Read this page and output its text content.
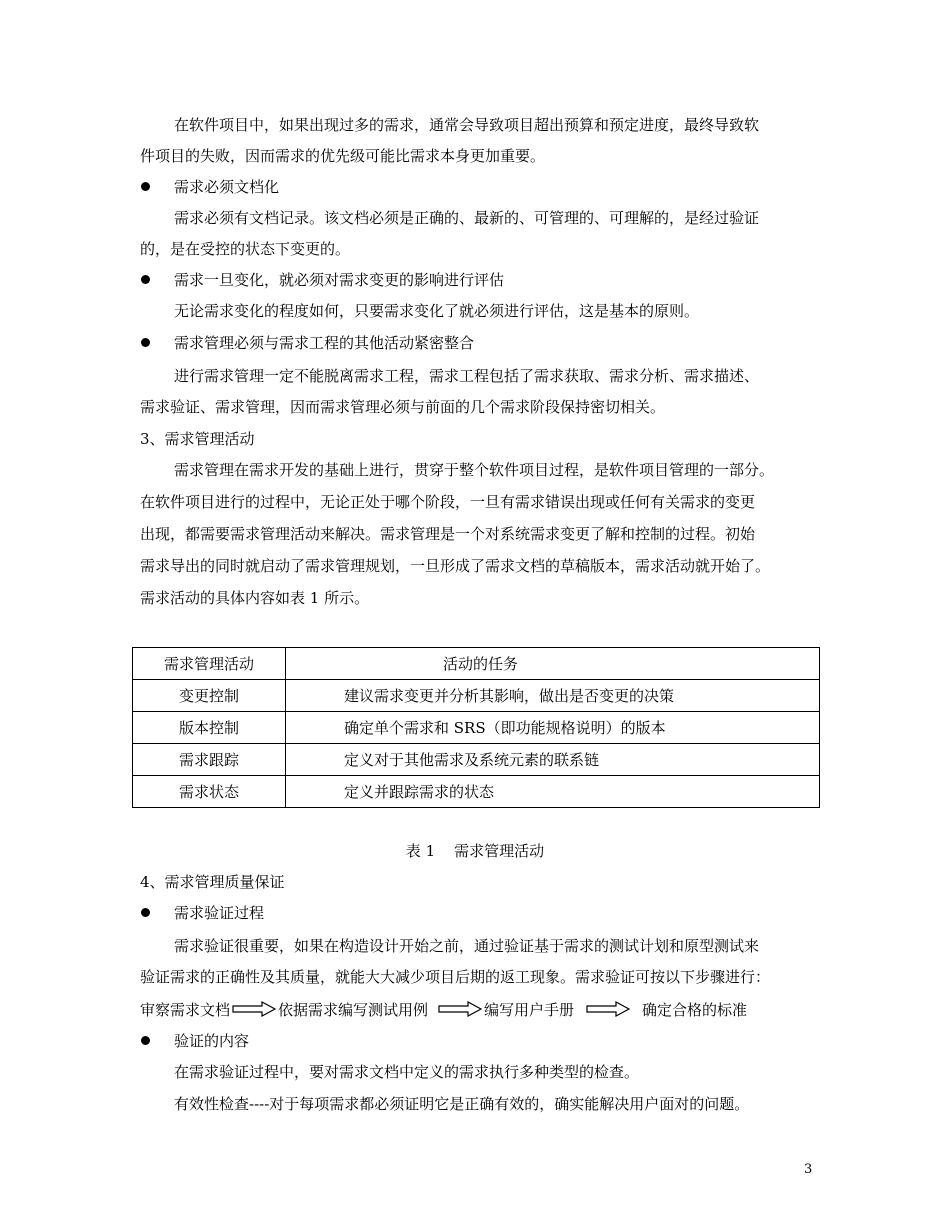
在软件项目中，如果出现过多的需求，通常会导致项目超出预算和预定进度，最终导致软
件项目的失败，因而需求的优先级可能比需求本身更加重要。
需求必须文档化
需求必须有文档记录。该文档必须是正确的、最新的、可管理的、可理解的，是经过验证
的，是在受控的状态下变更的。
需求一旦变化，就必须对需求变更的影响进行评估
无论需求变化的程度如何，只要需求变化了就必须进行评估，这是基本的原则。
需求管理必须与需求工程的其他活动紧密整合
进行需求管理一定不能脱离需求工程，需求工程包括了需求获取、需求分析、需求描述、
需求验证、需求管理，因而需求管理必须与前面的几个需求阶段保持密切相关。
3、需求管理活动
需求管理在需求开发的基础上进行，贯穿于整个软件项目过程，是软件项目管理的一部分。
在软件项目进行的过程中，无论正处于哪个阶段，一旦有需求错误出现或任何有关需求的变更
出现，都需要需求管理活动来解决。需求管理是一个对系统需求变更了解和控制的过程。初始
需求导出的同时就启动了需求管理规划，一旦形成了需求文档的草稿版本，需求活动就开始了。
需求活动的具体内容如表 1 所示。
需求管理活动	活动的任务
变更控制	建议需求变更并分析其影响，做出是否变更的决策
版本控制	确定单个需求和 SRS（即功能规格说明）的版本
需求跟踪	定义对于其他需求及系统元素的联系链
需求状态	定义并跟踪需求的状态
表 1    需求管理活动
4、需求管理质量保证
需求验证过程
需求验证很重要，如果在构造设计开始之前，通过验证基于需求的测试计划和原型测试来
验证需求的正确性及其质量，就能大大减少项目后期的返工现象。需求验证可按以下步骤进行：
审察需求文档	依据需求编写测试用例	编写用户手册	确定合格的标准
验证的内容
在需求验证过程中，要对需求文档中定义的需求执行多种类型的检查。
有效性检查----对于每项需求都必须证明它是正确有效的，确实能解决用户面对的问题。
3
